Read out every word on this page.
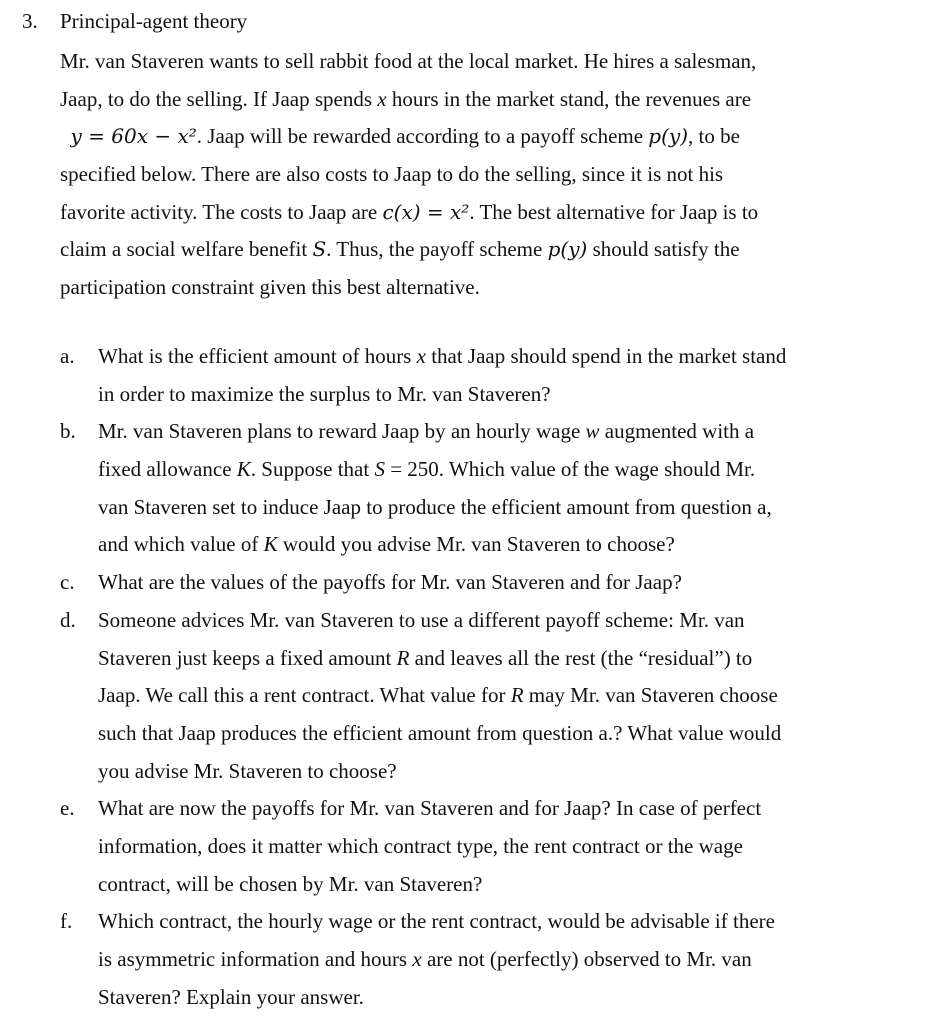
3. Principal-agent theory
Mr. van Staveren wants to sell rabbit food at the local market. He hires a salesman,
Jaap, to do the selling. If Jaap spends x hours in the market stand, the revenues are
y = 60x − x². Jaap will be rewarded according to a payoff scheme p(y), to be
specified below. There are also costs to Jaap to do the selling, since it is not his
favorite activity. The costs to Jaap are c(x) = x². The best alternative for Jaap is to
claim a social welfare benefit S. Thus, the payoff scheme p(y) should satisfy the
participation constraint given this best alternative.
a. What is the efficient amount of hours x that Jaap should spend in the market stand
in order to maximize the surplus to Mr. van Staveren?
b. Mr. van Staveren plans to reward Jaap by an hourly wage w augmented with a
fixed allowance K. Suppose that S = 250. Which value of the wage should Mr.
van Staveren set to induce Jaap to produce the efficient amount from question a,
and which value of K would you advise Mr. van Staveren to choose?
c. What are the values of the payoffs for Mr. van Staveren and for Jaap?
d. Someone advices Mr. van Staveren to use a different payoff scheme: Mr. van
Staveren just keeps a fixed amount R and leaves all the rest (the “residual”) to
Jaap. We call this a rent contract. What value for R may Mr. van Staveren choose
such that Jaap produces the efficient amount from question a.? What value would
you advise Mr. Staveren to choose?
e. What are now the payoffs for Mr. van Staveren and for Jaap? In case of perfect
information, does it matter which contract type, the rent contract or the wage
contract, will be chosen by Mr. van Staveren?
f. Which contract, the hourly wage or the rent contract, would be advisable if there
is asymmetric information and hours x are not (perfectly) observed to Mr. van
Staveren? Explain your answer.
